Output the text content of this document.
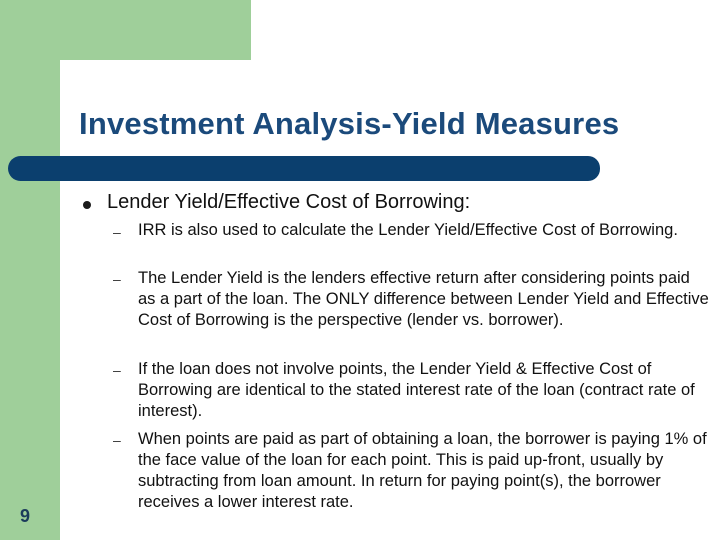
Investment Analysis-Yield Measures
Lender Yield/Effective Cost of Borrowing:
– IRR is also used to calculate the Lender Yield/Effective Cost of Borrowing.
– The Lender Yield is the lenders effective return after considering points paid as a part of the loan. The ONLY difference between Lender Yield and Effective Cost of Borrowing is the perspective (lender vs. borrower).
– If the loan does not involve points, the Lender Yield & Effective Cost of Borrowing are identical to the stated interest rate of the loan (contract rate of interest).
– When points are paid as part of obtaining a loan, the borrower is paying 1% of the face value of the loan for each point. This is paid up-front, usually by subtracting from loan amount. In return for paying point(s), the borrower receives a lower interest rate.
9
